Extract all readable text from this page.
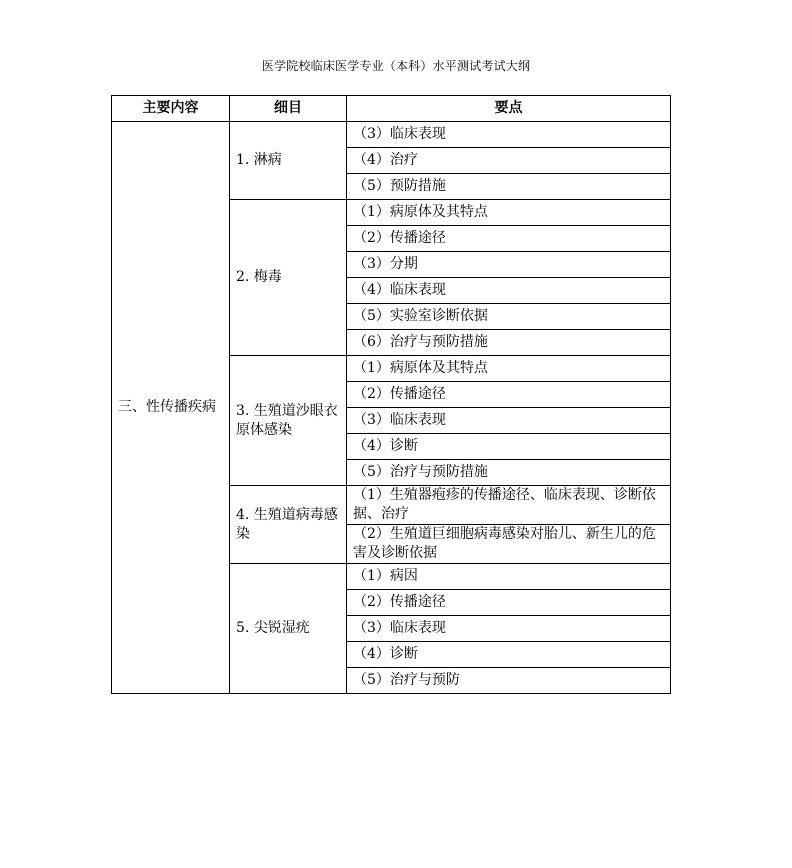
医学院校临床医学专业（本科）水平测试考试大纲
主要内容	细目	要点
三、性传播疾病	1. 淋病	（3）临床表现
		（4）治疗
		（5）预防措施
	2. 梅毒	（1）病原体及其特点
		（2）传播途径
		（3）分期
		（4）临床表现
		（5）实验室诊断依据
		（6）治疗与预防措施
	3. 生殖道沙眼衣原体感染	（1）病原体及其特点
		（2）传播途径
		（3）临床表现
		（4）诊断
		（5）治疗与预防措施
	4. 生殖道病毒感染	（1）生殖器疱疹的传播途径、临床表现、诊断依据、治疗
		（2）生殖道巨细胞病毒感染对胎儿、新生儿的危害及诊断依据
	5. 尖锐湿疣	（1）病因
		（2）传播途径
		（3）临床表现
		（4）诊断
		（5）治疗与预防
